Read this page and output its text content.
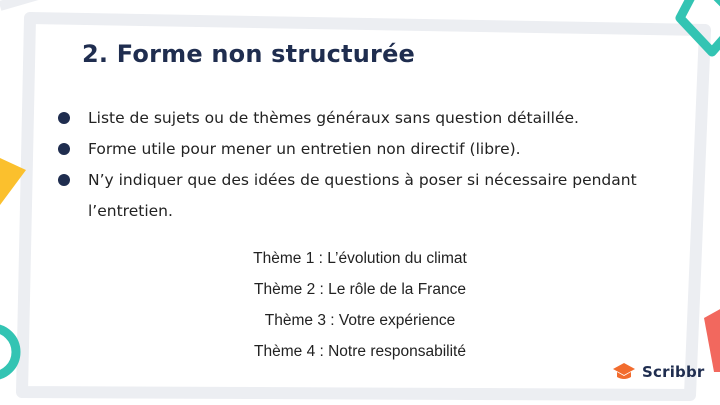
2. Forme non structurée
Liste de sujets ou de thèmes généraux sans question détaillée.
Forme utile pour mener un entretien non directif (libre).
N’y indiquer que des idées de questions à poser si nécessaire pendant l’entretien.
Thème 1 : L’évolution du climat
Thème 2 : Le rôle de la France
Thème 3 : Votre expérience
Thème 4 : Notre responsabilité
Scribbr
